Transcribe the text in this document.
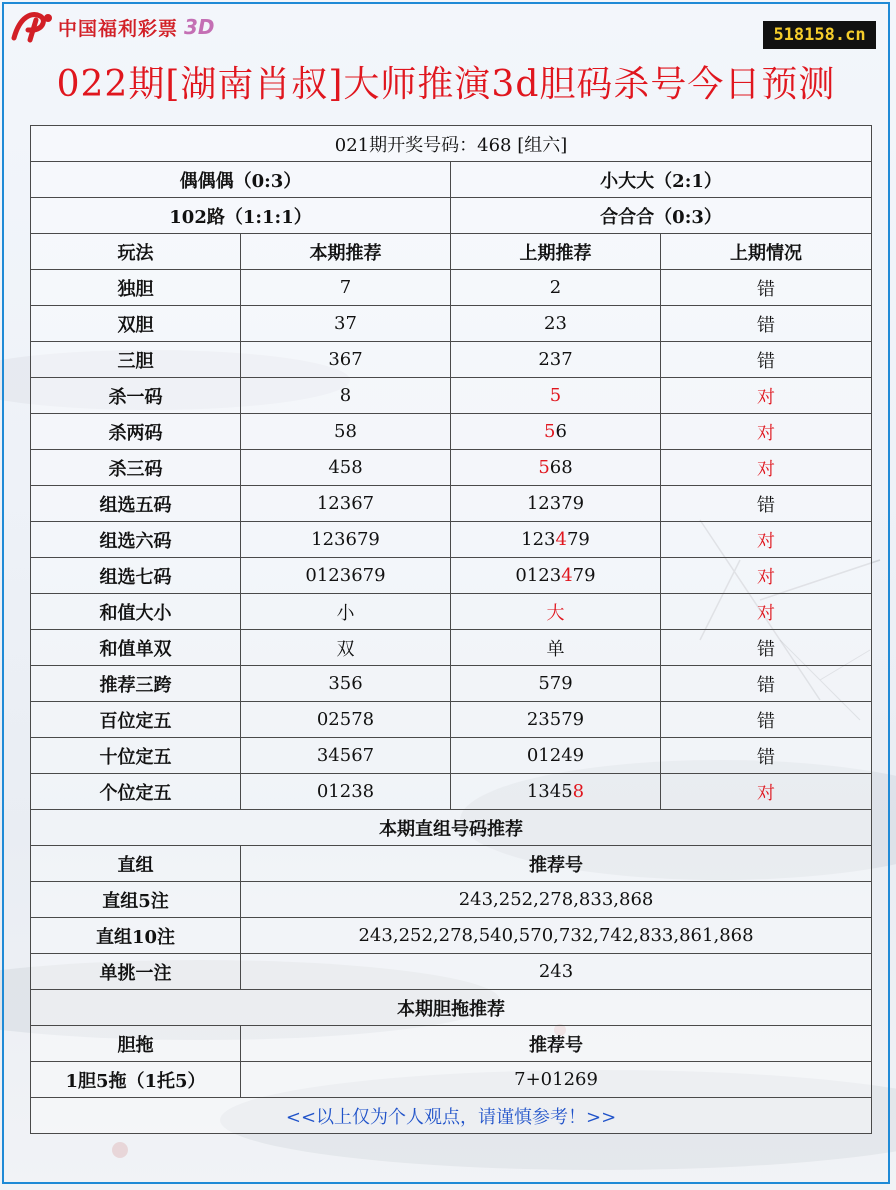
中国福利彩票 3D	518158.cn
022期[湖南肖叔]大师推演3d胆码杀号今日预测
021期开奖号码：468 [组六]			
偶偶偶（0:3）		小大大（2:1）	
102路（1:1:1）		合合合（0:3）	
玩法	本期推荐	上期推荐	上期情况
独胆	7	2	错
双胆	37	23	错
三胆	367	237	错
杀一码	8	5	对
杀两码	58	56	对
杀三码	458	568	对
组选五码	12367	12379	错
组选六码	123679	123479	对
组选七码	0123679	0123479	对
和值大小	小	大	对
和值单双	双	单	错
推荐三跨	356	579	错
百位定五	02578	23579	错
十位定五	34567	01249	错
个位定五	01238	13458	对
本期直组号码推荐			
直组	推荐号		
直组5注	243,252,278,833,868		
直组10注	243,252,278,540,570,732,742,833,861,868		
单挑一注	243		
本期胆拖推荐			
胆拖	推荐号		
1胆5拖（1托5）	7+01269		
<<以上仅为个人观点，请谨慎参考！>>			
